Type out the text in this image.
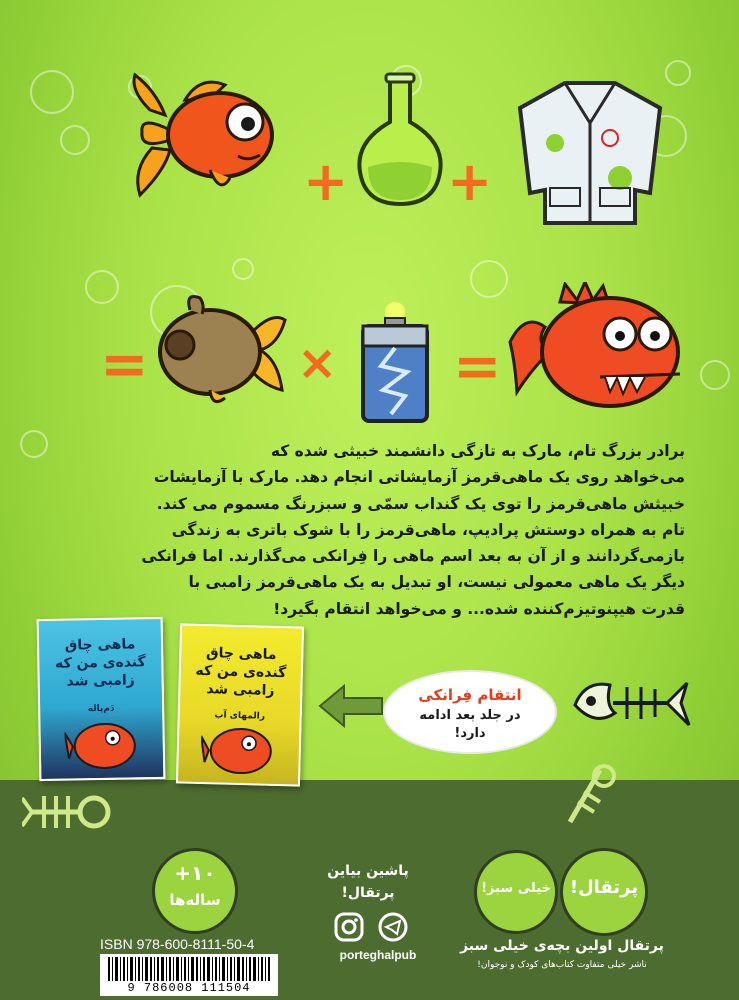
+ +
=	× =

برادر بزرگ تام، مارک به تازگی دانشمند خبیثی شده که

می‌خواهد روی یک ماهی‌قرمز آزمایشاتی انجام دهد. مارک با آزمایشات

خبیثش ماهی‌قرمز را توی یک گنداب سمّی و سبزرنگ مسموم می کند.

تام به همراه دوستش پرادیپ، ماهی‌قرمز را با شوک باتری به زندگی

بازمی‌گردانند و از آن به بعد اسم ماهی را فِرانکی می‌گذارند. اما فرانکی

دیگر یک ماهی معمولی نیست، او تبدیل به یک ماهی‌قرمز زامبی با

قدرت هیپنوتیزم‌کننده شده... و می‌خواهد انتقام بگیرد!

ماهی چاق گنده‌ی من که زامبی شد
دَم‌پاله
ماهی چاق گنده‌ی من که زامبی شد
رالمهای آب
انتقام فِرانکی
در جلد بعد ادامه
دارد!
+۱۰
ساله‌ها
ISBN 978-600-8111-50-4
9 786008 111504
پاشین بیاین
پرتقال!
porteghalpub
پرتقال!
خیلی سبز!
پرتقال اولین بچه‌ی خیلی سبز
ناشر خیلی متفاوت کتاب‌های کودک و نوجوان!
